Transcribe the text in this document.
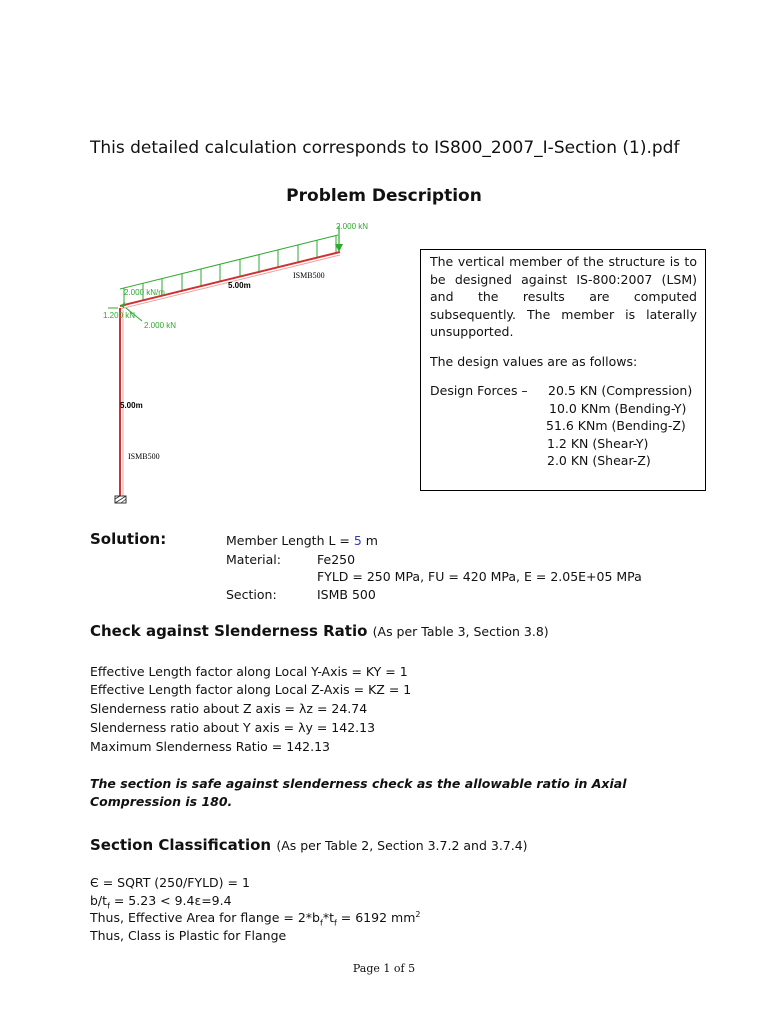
This detailed calculation corresponds to IS800_2007_I-Section (1).pdf
Problem Description
2.000 kN
2.000 kN/m
5.00m
ISMB500
1.200 kN
2.000 kN
5.00m
ISMB500

The vertical member of the structure is to be designed against IS-800:2007 (LSM) and the results are computed subsequently. The member is laterally unsupported.

The design values are as follows:

Design Forces – 20.5 KN (Compression)
10.0 KNm (Bending-Y)
51.6 KNm (Bending-Z)
1.2 KN (Shear-Y)
2.0 KN (Shear-Z)
Solution:	Member Length L = 5 m
Material:	Fe250
FYLD = 250 MPa, FU = 420 MPa, E = 2.05E+05 MPa
Section:	ISMB 500
Check against Slenderness Ratio (As per Table 3, Section 3.8)
Effective Length factor along Local Y-Axis = KY = 1
Effective Length factor along Local Z-Axis = KZ = 1
Slenderness ratio about Z axis = λz = 24.74
Slenderness ratio about Y axis = λy = 142.13
Maximum Slenderness Ratio = 142.13
The section is safe against slenderness check as the allowable ratio in Axial Compression is 180.
Section Classification (As per Table 2, Section 3.7.2 and 3.7.4)
Є = SQRT (250/FYLD) = 1
$b/t_f = 5.23 < 9.4\varepsilon=9.4$
Thus, Effective Area for flange = $2*b_f*t_f = 6192$ $mm^2$
Thus, Class is Plastic for Flange
Page 1 of 5
